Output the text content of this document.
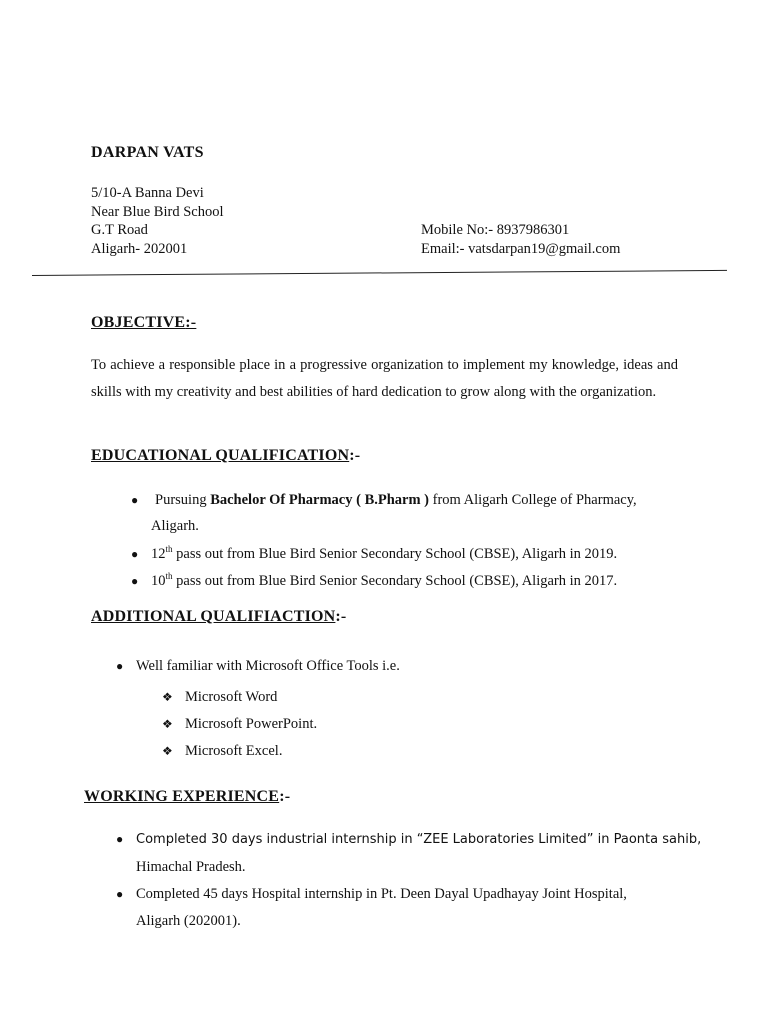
DARPAN VATS
5/10-A Banna Devi
Near Blue Bird School
G.T Road
Aligarh- 202001
Mobile No:- 8937986301
Email:- vatsdarpan19@gmail.com
OBJECTIVE:-
To achieve a responsible place in a progressive organization to implement my knowledge, ideas and skills with my creativity and best abilities of hard dedication to grow along with the organization.
EDUCATIONAL QUALIFICATION:-
● Pursuing Bachelor Of Pharmacy ( B.Pharm ) from Aligarh College of Pharmacy,
Aligarh.
● 12th pass out from Blue Bird Senior Secondary School (CBSE), Aligarh in 2019.
● 10th pass out from Blue Bird Senior Secondary School (CBSE), Aligarh in 2017.
ADDITIONAL QUALIFIACTION:-
● Well familiar with Microsoft Office Tools i.e.
❖ Microsoft Word
❖ Microsoft PowerPoint.
❖ Microsoft Excel.
WORKING EXPERIENCE:-
● Completed 30 days industrial internship in “ZEE Laboratories Limited” in Paonta sahib,
Himachal Pradesh.
● Completed 45 days Hospital internship in Pt. Deen Dayal Upadhayay Joint Hospital,
Aligarh (202001).
